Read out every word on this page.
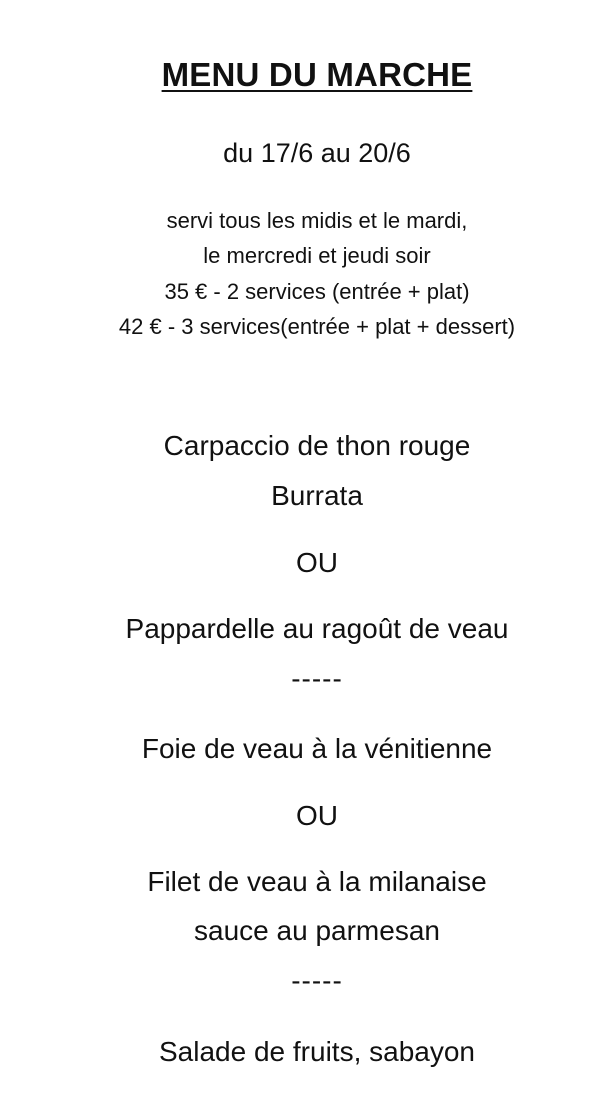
MENU DU MARCHE
du 17/6 au 20/6
servi tous les midis et le mardi,
le mercredi et jeudi soir
35 € - 2 services (entrée + plat)
42 € - 3 services(entrée + plat + dessert)
Carpaccio de thon rouge
Burrata
OU
Pappardelle au ragoût de veau
-----
Foie de veau à la vénitienne
OU
Filet de veau à la milanaise
sauce au parmesan
-----
Salade de fruits, sabayon
